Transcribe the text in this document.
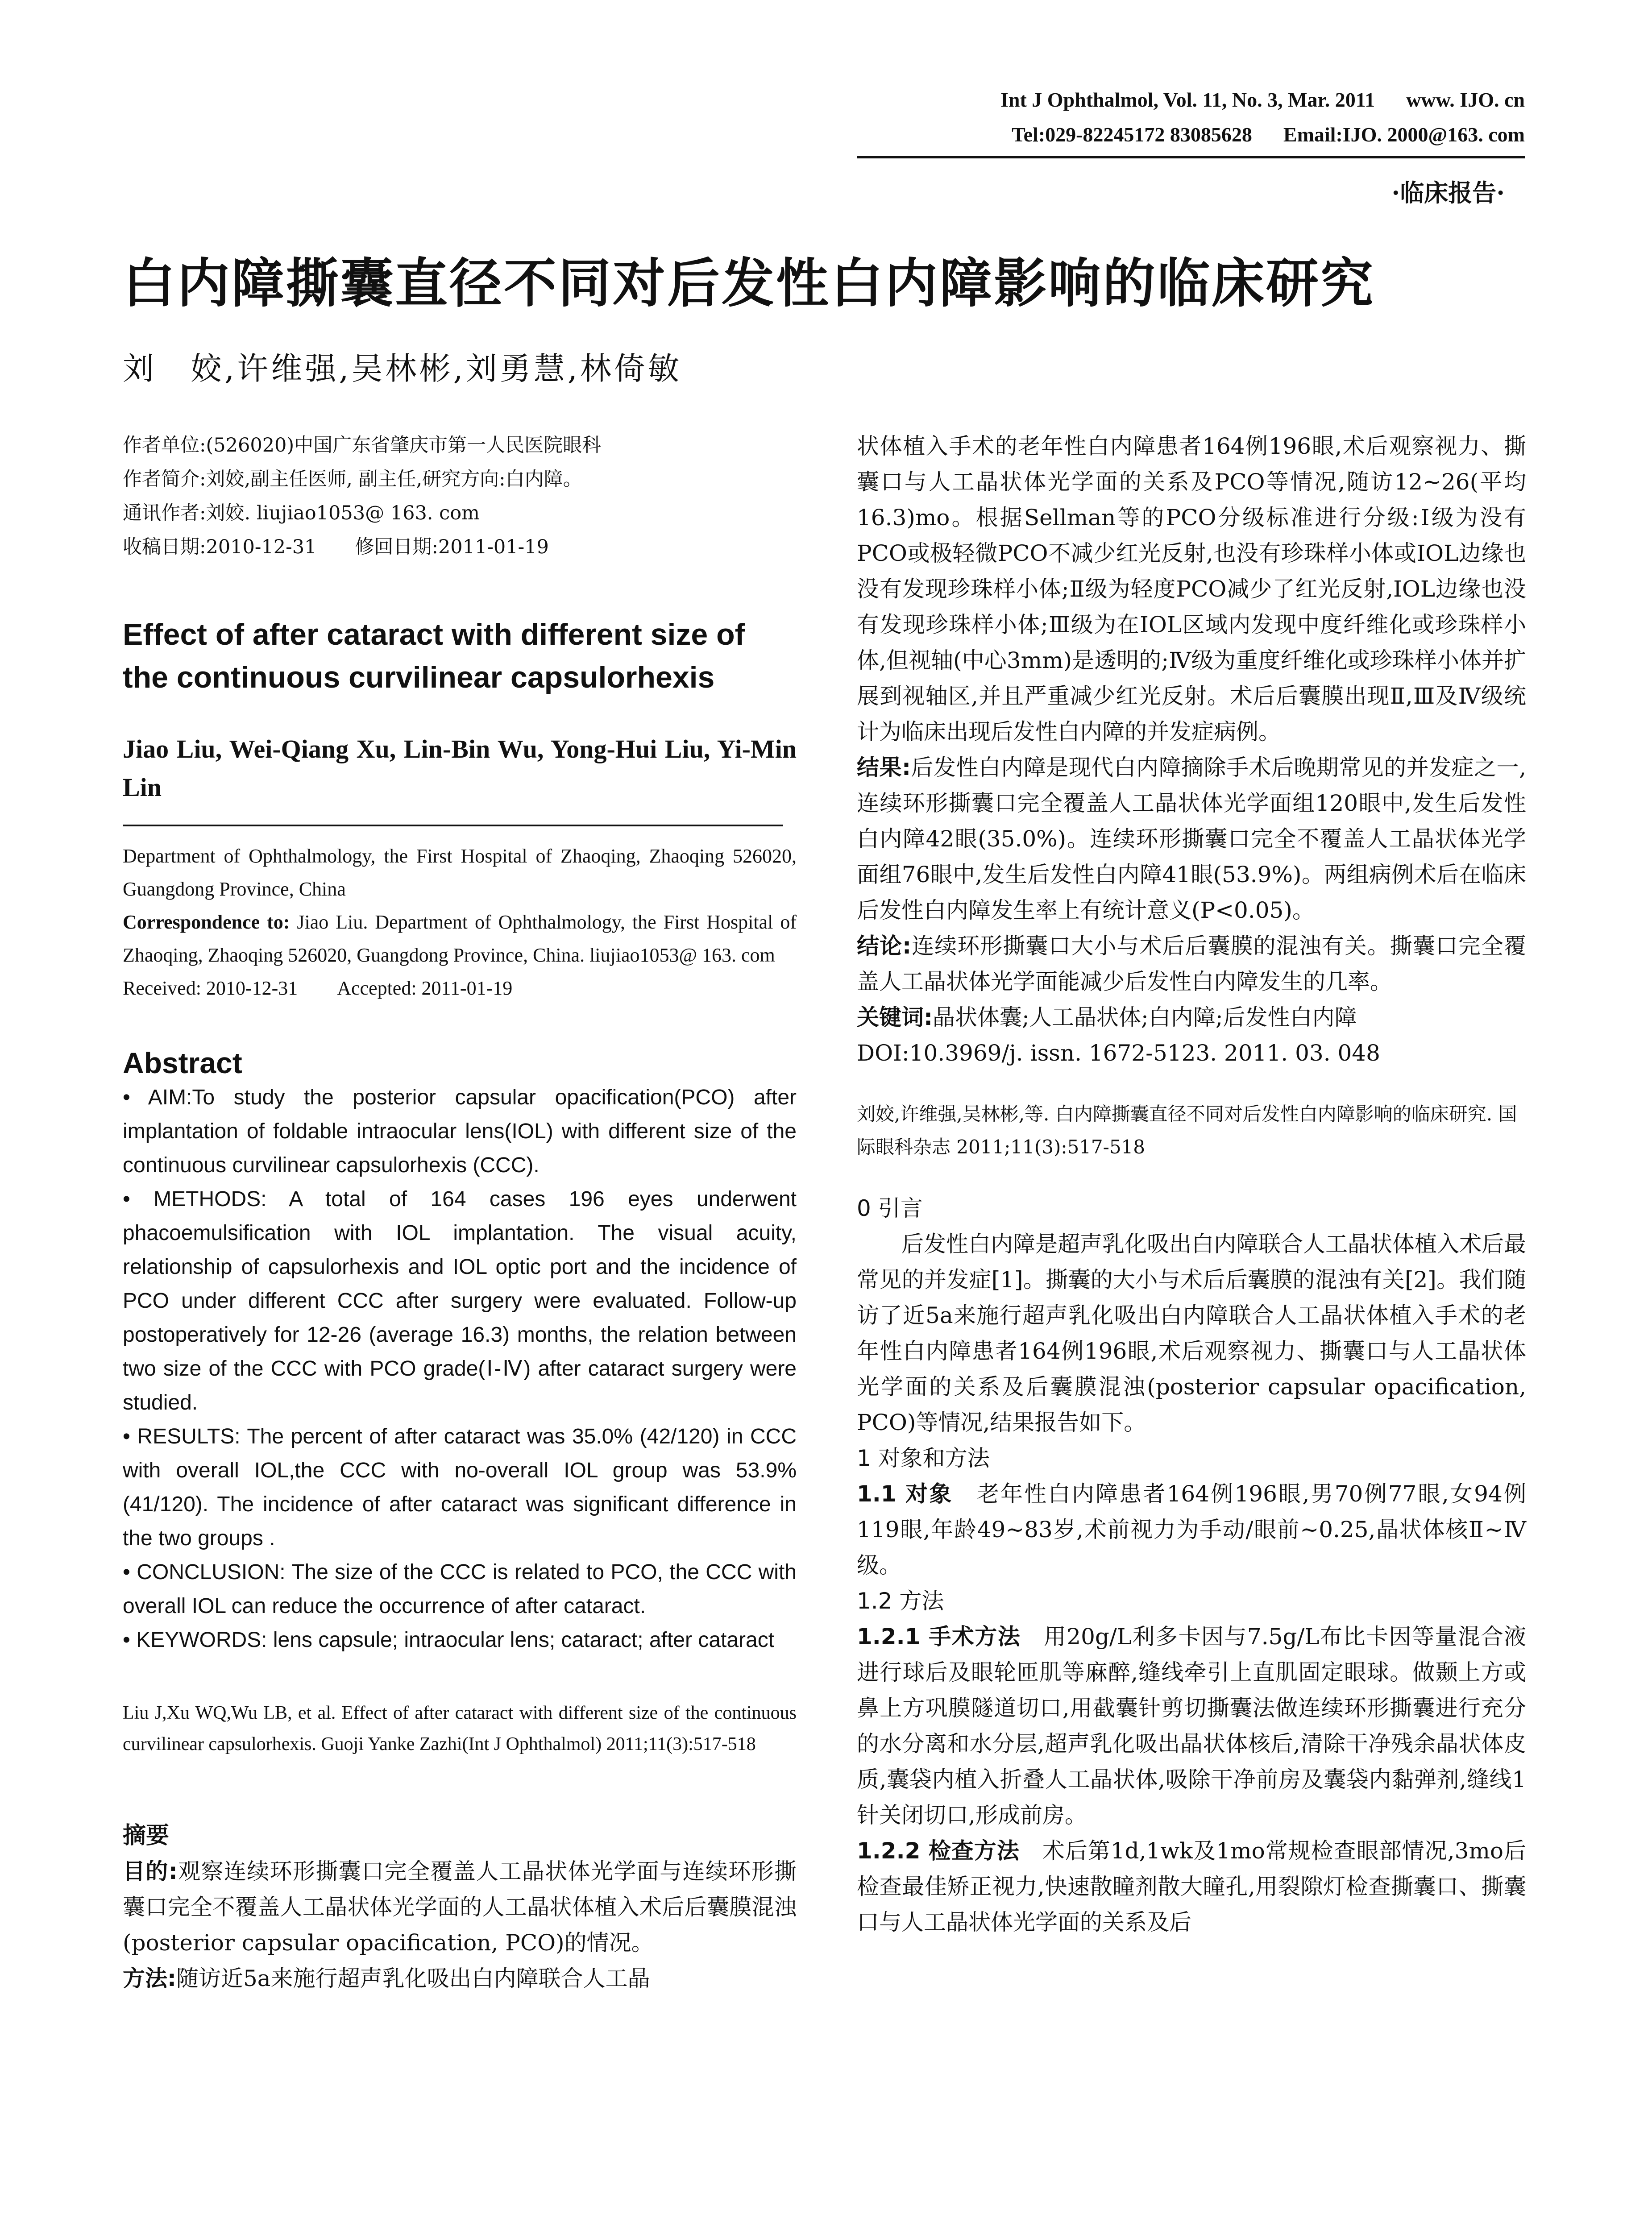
Int J Ophthalmol, Vol. 11, No. 3, Mar. 2011 www. IJO. cn
Tel:029-82245172 83085628 Email:IJO. 2000@163. com
·临床报告·
白内障撕囊直径不同对后发性白内障影响的临床研究
刘　姣,许维强,吴林彬,刘勇慧,林倚敏
作者单位:(526020)中国广东省肇庆市第一人民医院眼科
作者简介:刘姣,副主任医师, 副主任,研究方向:白内障。
通讯作者:刘姣. liujiao1053@ 163. com
收稿日期:2010-12-31　　修回日期:2011-01-19
Effect of after cataract with different size of the continuous curvilinear capsulorhexis
Jiao Liu, Wei-Qiang Xu, Lin-Bin Wu, Yong-Hui Liu, Yi-Min Lin
Department of Ophthalmology, the First Hospital of Zhaoqing, Zhaoqing 526020, Guangdong Province, China
Correspondence to: Jiao Liu. Department of Ophthalmology, the First Hospital of Zhaoqing, Zhaoqing 526020, Guangdong Province, China. liujiao1053@ 163. com
Received: 2010-12-31　　Accepted: 2011-01-19
Abstract

• AIM:To study the posterior capsular opacification(PCO) after implantation of foldable intraocular lens(IOL) with different size of the continuous curvilinear capsulorhexis (CCC).

• METHODS: A total of 164 cases 196 eyes underwent phacoemulsification with IOL implantation. The visual acuity, relationship of capsulorhexis and IOL optic port and the incidence of PCO under different CCC after surgery were evaluated. Follow-up postoperatively for 12-26 (average 16.3) months, the relation between two size of the CCC with PCO grade(Ⅰ-Ⅳ) after cataract surgery were studied.

• RESULTS: The percent of after cataract was 35.0% (42/120) in CCC with overall IOL,the CCC with no-overall IOL group was 53.9%(41/120). The incidence of after cataract was significant difference in the two groups .

• CONCLUSION: The size of the CCC is related to PCO, the CCC with overall IOL can reduce the occurrence of after cataract.

• KEYWORDS: lens capsule; intraocular lens; cataract; after cataract

Liu J,Xu WQ,Wu LB, et al. Effect of after cataract with different size of the continuous curvilinear capsulorhexis. Guoji Yanke Zazhi(Int J Ophthalmol) 2011;11(3):517-518
摘要

目的:观察连续环形撕囊口完全覆盖人工晶状体光学面与连续环形撕囊口完全不覆盖人工晶状体光学面的人工晶状体植入术后后囊膜混浊(posterior capsular opacification, PCO)的情况。

方法:随访近5a来施行超声乳化吸出白内障联合人工晶

状体植入手术的老年性白内障患者164例196眼,术后观察视力、撕囊口与人工晶状体光学面的关系及PCO等情况,随访12~26(平均16.3)mo。根据Sellman等的PCO分级标准进行分级:Ⅰ级为没有PCO或极轻微PCO不减少红光反射,也没有珍珠样小体或IOL边缘也没有发现珍珠样小体;Ⅱ级为轻度PCO减少了红光反射,IOL边缘也没有发现珍珠样小体;Ⅲ级为在IOL区域内发现中度纤维化或珍珠样小体,但视轴(中心3mm)是透明的;Ⅳ级为重度纤维化或珍珠样小体并扩展到视轴区,并且严重减少红光反射。术后后囊膜出现Ⅱ,Ⅲ及Ⅳ级统计为临床出现后发性白内障的并发症病例。

结果:后发性白内障是现代白内障摘除手术后晚期常见的并发症之一,连续环形撕囊口完全覆盖人工晶状体光学面组120眼中,发生后发性白内障42眼(35.0%)。连续环形撕囊口完全不覆盖人工晶状体光学面组76眼中,发生后发性白内障41眼(53.9%)。两组病例术后在临床后发性白内障发生率上有统计意义(P<0.05)。

结论:连续环形撕囊口大小与术后后囊膜的混浊有关。撕囊口完全覆盖人工晶状体光学面能减少后发性白内障发生的几率。

关键词:晶状体囊;人工晶状体;白内障;后发性白内障

DOI:10.3969/j. issn. 1672-5123. 2011. 03. 048

刘姣,许维强,吴林彬,等. 白内障撕囊直径不同对后发性白内障影响的临床研究. 国际眼科杂志 2011;11(3):517-518
0 引言

后发性白内障是超声乳化吸出白内障联合人工晶状体植入术后最常见的并发症[1]。撕囊的大小与术后后囊膜的混浊有关[2]。我们随访了近5a来施行超声乳化吸出白内障联合人工晶状体植入手术的老年性白内障患者164例196眼,术后观察视力、撕囊口与人工晶状体光学面的关系及后囊膜混浊(posterior capsular opacification, PCO)等情况,结果报告如下。

1 对象和方法

1.1 对象　老年性白内障患者164例196眼,男70例77眼,女94例119眼,年龄49~83岁,术前视力为手动/眼前~0.25,晶状体核Ⅱ~Ⅳ级。

1.2 方法

1.2.1 手术方法　用20g/L利多卡因与7.5g/L布比卡因等量混合液进行球后及眼轮匝肌等麻醉,缝线牵引上直肌固定眼球。做颞上方或鼻上方巩膜隧道切口,用截囊针剪切撕囊法做连续环形撕囊进行充分的水分离和水分层,超声乳化吸出晶状体核后,清除干净残余晶状体皮质,囊袋内植入折叠人工晶状体,吸除干净前房及囊袋内黏弹剂,缝线1针关闭切口,形成前房。

1.2.2 检查方法　术后第1d,1wk及1mo常规检查眼部情况,3mo后检查最佳矫正视力,快速散瞳剂散大瞳孔,用裂隙灯检查撕囊口、撕囊口与人工晶状体光学面的关系及后
